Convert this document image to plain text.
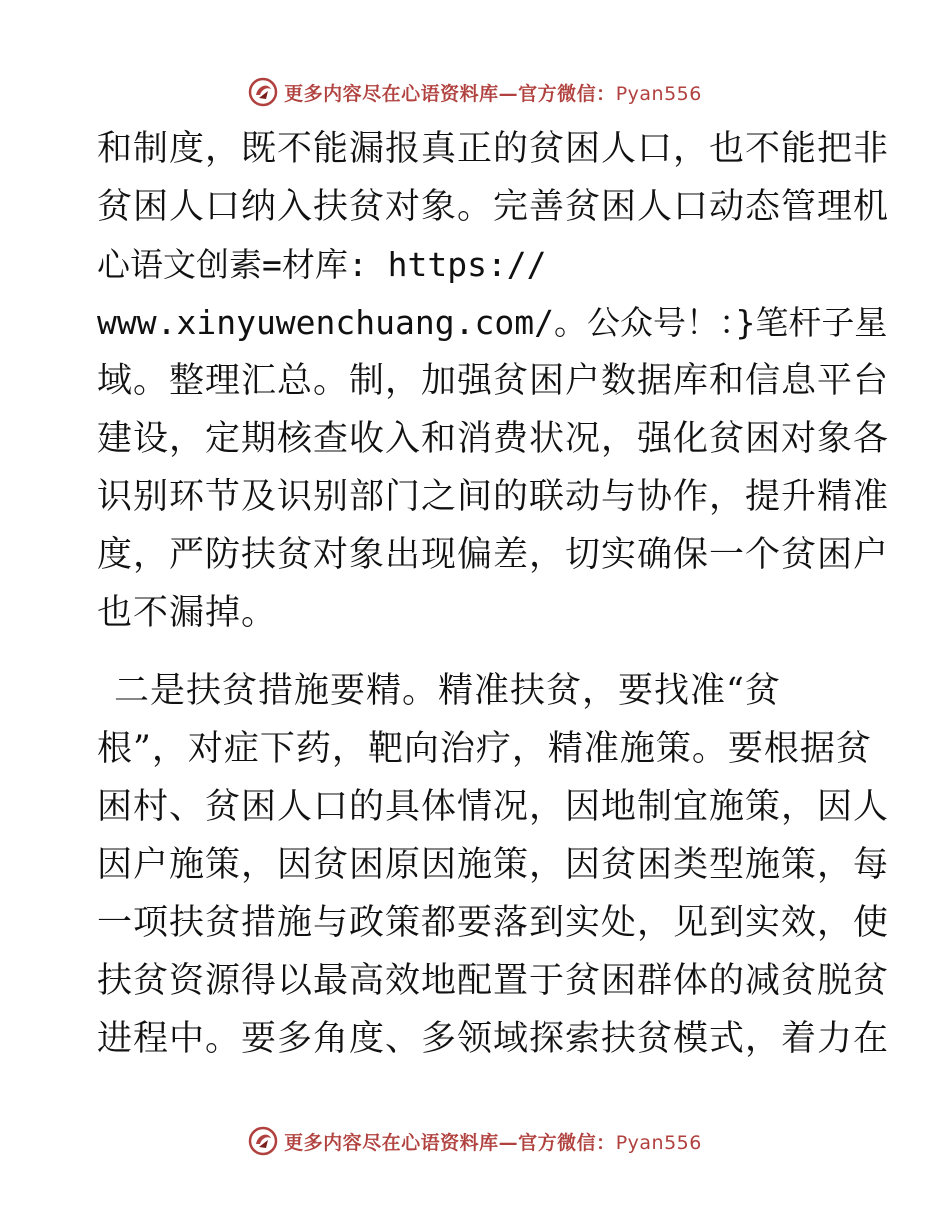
更多内容尽在心语资料库—官方微信：Pyan556
和制度，既不能漏报真正的贫困人口，也不能把非
贫困人口纳入扶贫对象。完善贫困人口动态管理机
心语文创素=材库: https://
www.xinyuwenchuang.com/。公众号！：}笔杆子星
域。整理汇总。制，加强贫困户数据库和信息平台
建设，定期核查收入和消费状况，强化贫困对象各
识别环节及识别部门之间的联动与协作，提升精准
度，严防扶贫对象出现偏差，切实确保一个贫困户
也不漏掉。
二是扶贫措施要精。精准扶贫，要找准“贫
根”，对症下药，靶向治疗，精准施策。要根据贫
困村、贫困人口的具体情况，因地制宜施策，因人
因户施策，因贫困原因施策，因贫困类型施策，每
一项扶贫措施与政策都要落到实处，见到实效，使
扶贫资源得以最高效地配置于贫困群体的减贫脱贫
进程中。要多角度、多领域探索扶贫模式，着力在
更多内容尽在心语资料库—官方微信：Pyan556
